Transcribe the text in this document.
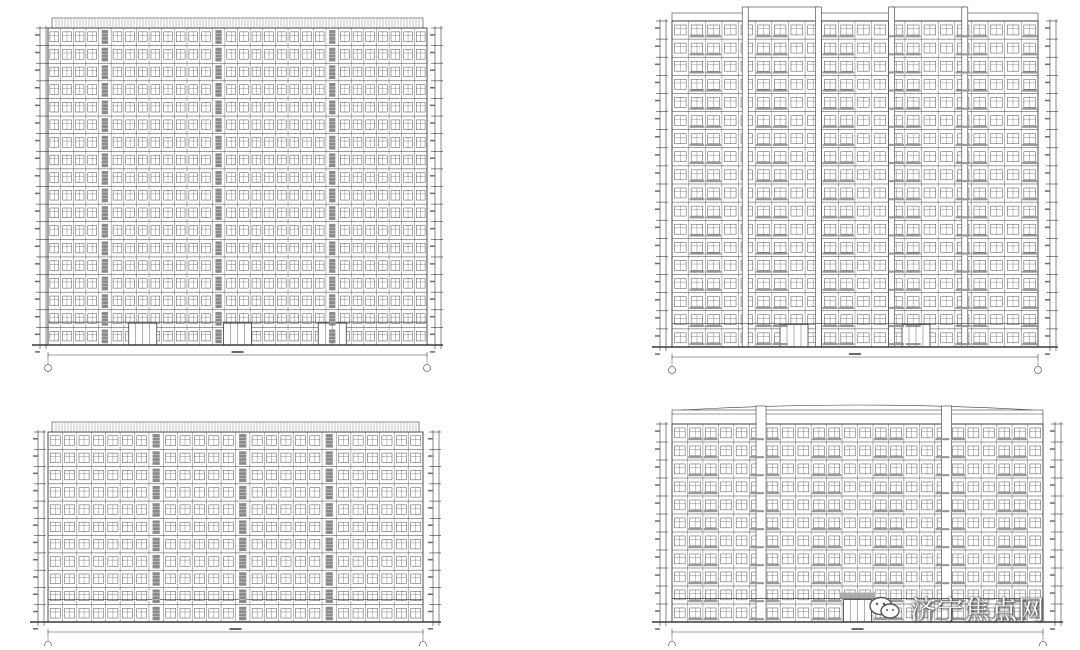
济宁焦点网
